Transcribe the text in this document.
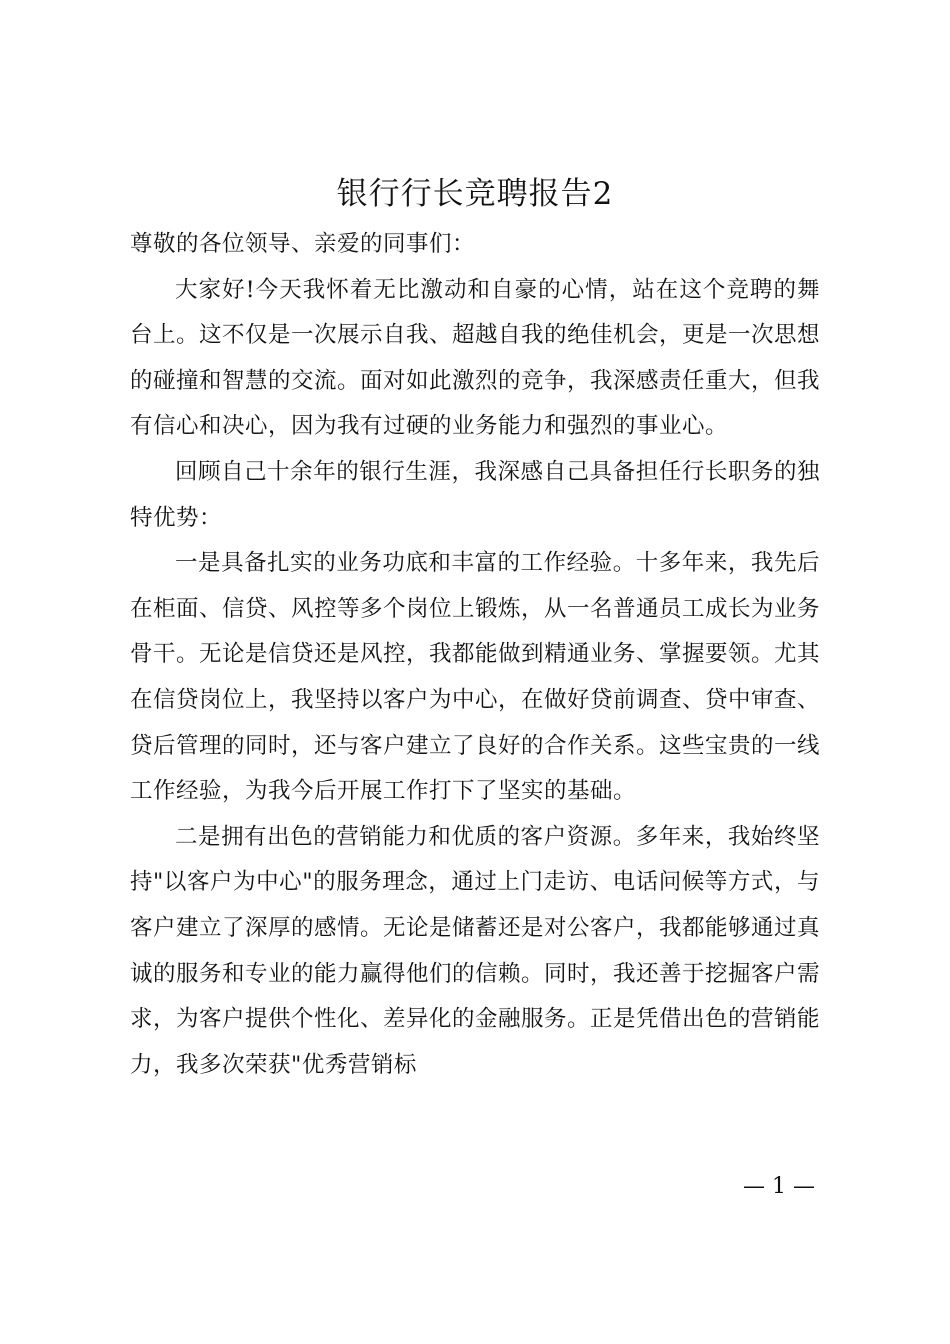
银行行长竞聘报告2

尊敬的各位领导、亲爱的同事们：

大家好!今天我怀着无比激动和自豪的心情，站在这个竞聘的舞台上。这不仅是一次展示自我、超越自我的绝佳机会，更是一次思想的碰撞和智慧的交流。面对如此激烈的竞争，我深感责任重大，但我有信心和决心，因为我有过硬的业务能力和强烈的事业心。

回顾自己十余年的银行生涯，我深感自己具备担任行长职务的独特优势：

一是具备扎实的业务功底和丰富的工作经验。十多年来，我先后在柜面、信贷、风控等多个岗位上锻炼，从一名普通员工成长为业务骨干。无论是信贷还是风控，我都能做到精通业务、掌握要领。尤其在信贷岗位上，我坚持以客户为中心，在做好贷前调查、贷中审查、贷后管理的同时，还与客户建立了良好的合作关系。这些宝贵的一线工作经验，为我今后开展工作打下了坚实的基础。

二是拥有出色的营销能力和优质的客户资源。多年来，我始终坚持"以客户为中心"的服务理念，通过上门走访、电话问候等方式，与客户建立了深厚的感情。无论是储蓄还是对公客户，我都能够通过真诚的服务和专业的能力赢得他们的信赖。同时，我还善于挖掘客户需求，为客户提供个性化、差异化的金融服务。正是凭借出色的营销能力，我多次荣获"优秀营销标

— 1 —
